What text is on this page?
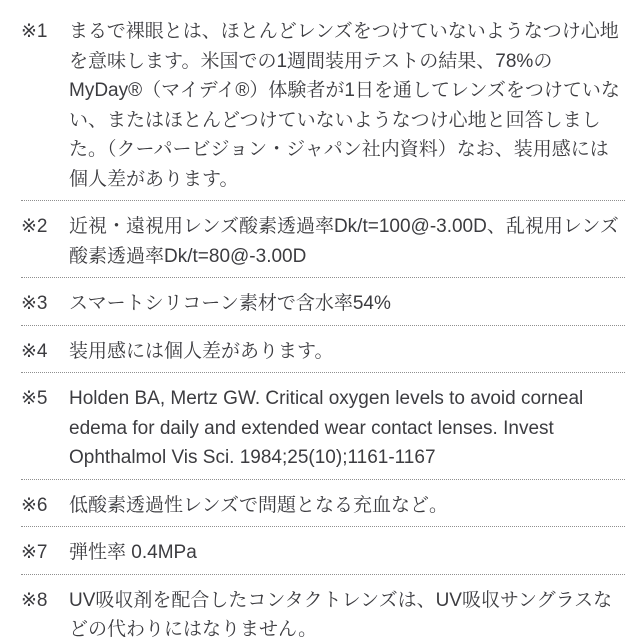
※1	まるで裸眼とは、ほとんどレンズをつけていないようなつけ心地を意味します。米国での1週間装用テストの結果、78%のMyDay®（マイデイ®）体験者が1日を通してレンズをつけていない、またはほとんどつけていないようなつけ心地と回答しました。（クーパービジョン・ジャパン社内資料）なお、装用感には個人差があります。
※2	近視・遠視用レンズ酸素透過率Dk/t=100@-3.00D、乱視用レンズ 酸素透過率Dk/t=80@-3.00D
※3	スマートシリコーン素材で含水率54%
※4	装用感には個人差があります。
※5	Holden BA, Mertz GW. Critical oxygen levels to avoid corneal edema for daily and extended wear contact lenses. Invest Ophthalmol Vis Sci. 1984;25(10);1161-1167
※6	低酸素透過性レンズで問題となる充血など。
※7	弾性率 0.4MPa
※8	UV吸収剤を配合したコンタクトレンズは、UV吸収サングラスなどの代わりにはなりません。
